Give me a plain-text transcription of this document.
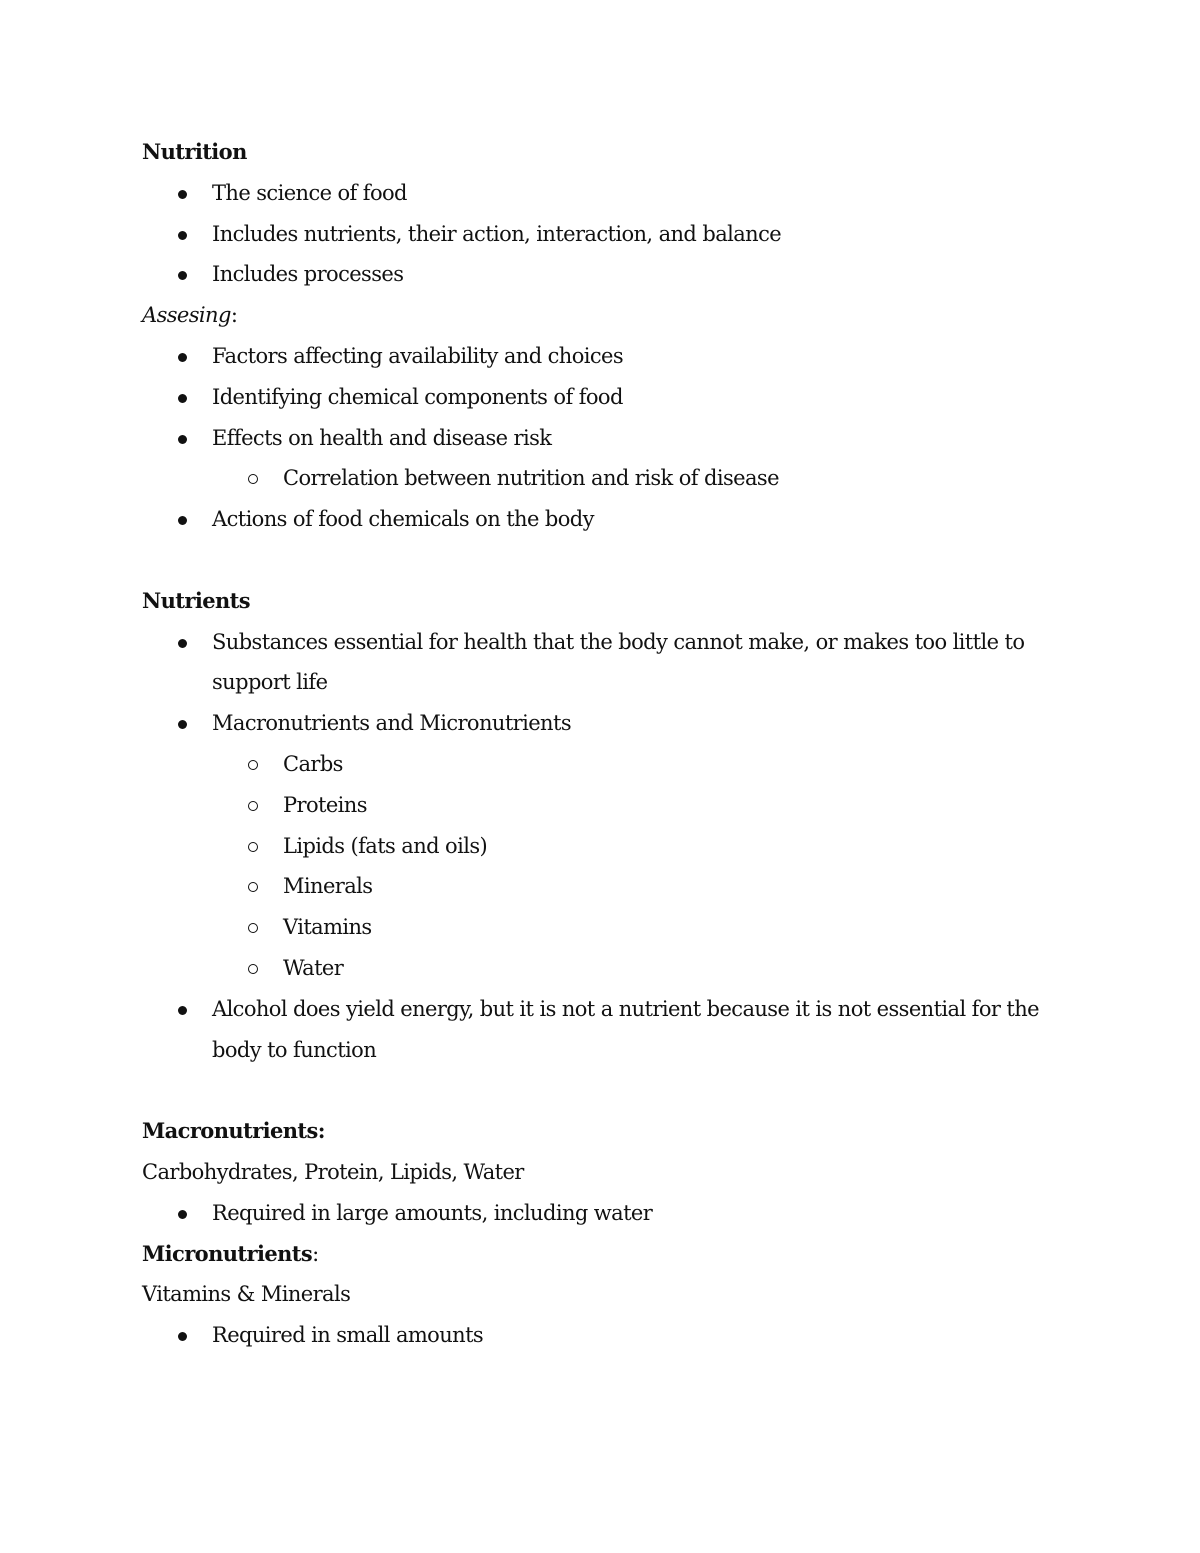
Nutrition
The science of food
Includes nutrients, their action, interaction, and balance
Includes processes
Assesing:
Factors affecting availability and choices
Identifying chemical components of food
Effects on health and disease risk
Correlation between nutrition and risk of disease
Actions of food chemicals on the body
Nutrients
Substances essential for health that the body cannot make, or makes too little to support life
Macronutrients and Micronutrients
Carbs
Proteins
Lipids (fats and oils)
Minerals
Vitamins
Water
Alcohol does yield energy, but it is not a nutrient because it is not essential for the body to function
Macronutrients:
Carbohydrates, Protein, Lipids, Water
Required in large amounts, including water
Micronutrients:
Vitamins & Minerals
Required in small amounts
